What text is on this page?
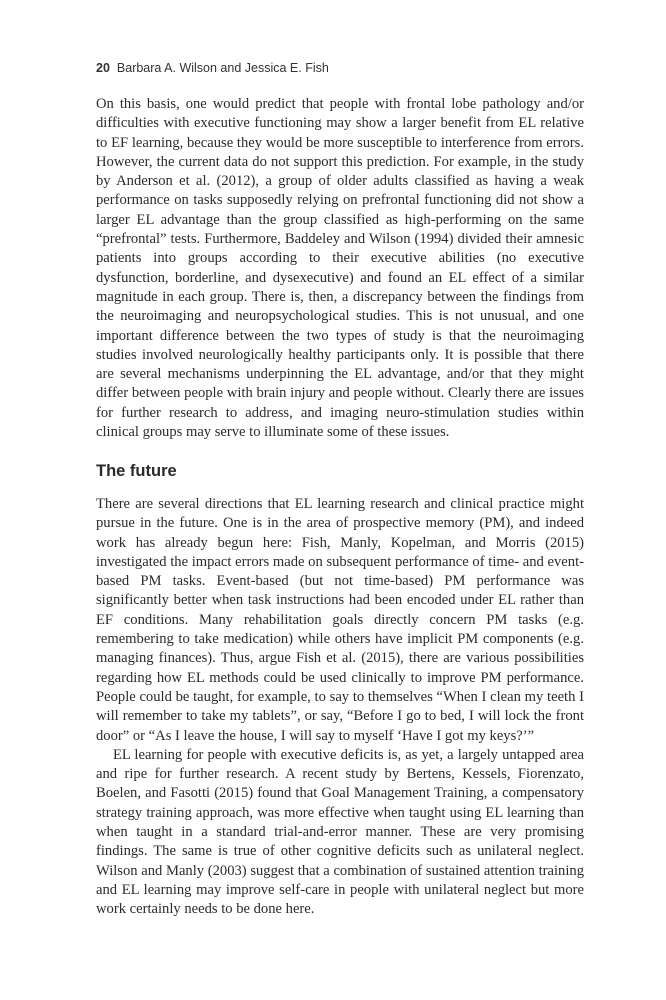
20 Barbara A. Wilson and Jessica E. Fish

On this basis, one would predict that people with frontal lobe pathology and/or difficulties with executive functioning may show a larger benefit from EL relative to EF learning, because they would be more susceptible to interference from errors. However, the current data do not support this prediction. For example, in the study by Anderson et al. (2012), a group of older adults classified as having a weak performance on tasks supposedly relying on prefrontal functioning did not show a larger EL advantage than the group classified as high-performing on the same “prefrontal” tests. Furthermore, Baddeley and Wilson (1994) divided their amnesic patients into groups according to their executive abilities (no executive dysfunction, borderline, and dysexecutive) and found an EL effect of a similar magnitude in each group. There is, then, a discrepancy between the findings from the neuroimaging and neuropsychological studies. This is not unusual, and one important difference between the two types of study is that the neuroimaging studies involved neurologically healthy participants only. It is possible that there are several mechanisms underpinning the EL advantage, and/or that they might differ between people with brain injury and people without. Clearly there are issues for further research to address, and imaging neuro-stimulation studies within clinical groups may serve to illuminate some of these issues.

The future

There are several directions that EL learning research and clinical practice might pursue in the future. One is in the area of prospective memory (PM), and indeed work has already begun here: Fish, Manly, Kopelman, and Morris (2015) investigated the impact errors made on subsequent performance of time- and event-based PM tasks. Event-based (but not time-based) PM performance was significantly better when task instructions had been encoded under EL rather than EF conditions. Many rehabilitation goals directly concern PM tasks (e.g. remembering to take medication) while others have implicit PM components (e.g. managing finances). Thus, argue Fish et al. (2015), there are various possibilities regarding how EL methods could be used clinically to improve PM performance. People could be taught, for example, to say to themselves “When I clean my teeth I will remember to take my tablets”, or say, “Before I go to bed, I will lock the front door” or “As I leave the house, I will say to myself ‘Have I got my keys?’”

EL learning for people with executive deficits is, as yet, a largely untapped area and ripe for further research. A recent study by Bertens, Kessels, Fiorenzato, Boelen, and Fasotti (2015) found that Goal Management Training, a compensatory strategy training approach, was more effective when taught using EL learning than when taught in a standard trial-and-error manner. These are very promising findings. The same is true of other cognitive deficits such as unilateral neglect. Wilson and Manly (2003) suggest that a combination of sustained attention training and EL learning may improve self-care in people with unilateral neglect but more work certainly needs to be done here.
